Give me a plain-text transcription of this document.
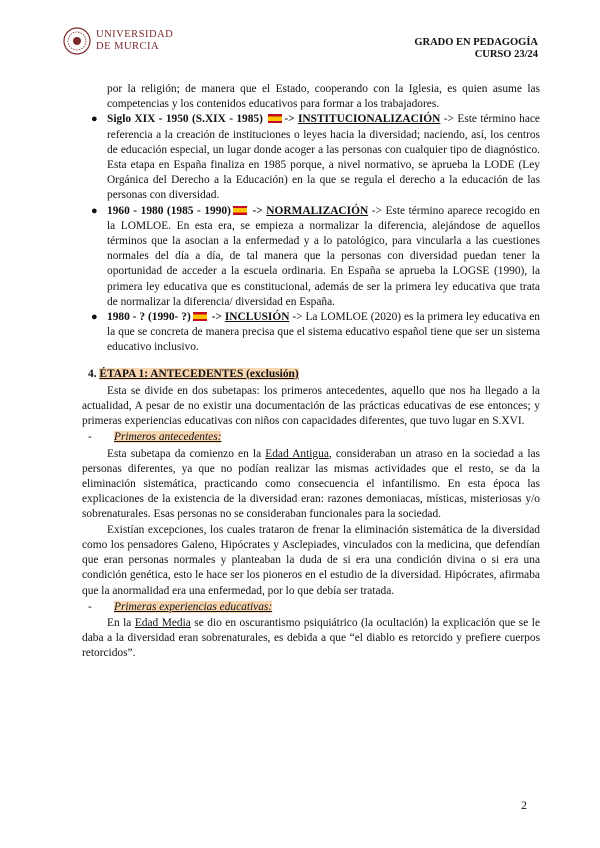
UNIVERSIDAD
DE MURCIA	GRADO EN PEDAGOGÍA
CURSO 23/24

por la religión; de manera que el Estado, cooperando con la Iglesia, es quien asume las competencias y los contenidos educativos para formar a los trabajadores.

● Siglo XIX - 1950 (S.XIX - 1985) -> INSTITUCIONALIZACIÓN -> Este término hace referencia a la creación de instituciones o leyes hacia la diversidad; naciendo, así, los centros de educación especial, un lugar donde acoger a las personas con cualquier tipo de diagnóstico. Esta etapa en España finaliza en 1985 porque, a nivel normativo, se aprueba la LODE (Ley Orgánica del Derecho a la Educación) en la que se regula el derecho a la educación de las personas con diversidad.

● 1960 - 1980 (1985 - 1990) -> NORMALIZACIÓN -> Este término aparece recogido en la LOMLOE. En esta era, se empieza a normalizar la diferencia, alejándose de aquellos términos que la asocian a la enfermedad y a lo patológico, para vincularla a las cuestiones normales del día a día, de tal manera que la personas con diversidad puedan tener la oportunidad de acceder a la escuela ordinaria. En España se aprueba la LOGSE (1990), la primera ley educativa que es constitucional, además de ser la primera ley educativa que trata de normalizar la diferencia/ diversidad en España.

● 1980 - ? (1990- ?) -> INCLUSIÓN -> La LOMLOE (2020) es la primera ley educativa en la que se concreta de manera precisa que el sistema educativo español tiene que ser un sistema educativo inclusivo.

4. ÉTAPA 1: ANTECEDENTES (exclusión)

Esta se divide en dos subetapas: los primeros antecedentes, aquello que nos ha llegado a la actualidad, A pesar de no existir una documentación de las prácticas educativas de ese entonces; y primeras experiencias educativas con niños con capacidades diferentes, que tuvo lugar en S.XVI.

- Primeros antecedentes:

Esta subetapa da comienzo en la Edad Antigua, consideraban un atraso en la sociedad a las personas diferentes, ya que no podían realizar las mismas actividades que el resto, se da la eliminación sistemática, practicando como consecuencia el infantilismo. En esta época las explicaciones de la existencia de la diversidad eran: razones demoniacas, místicas, misteriosas y/o sobrenaturales. Esas personas no se consideraban funcionales para la sociedad.

Existían excepciones, los cuales trataron de frenar la eliminación sistemática de la diversidad como los pensadores Galeno, Hipócrates y Asclepiades, vinculados con la medicina, que defendían que eran personas normales y planteaban la duda de si era una condición divina o si era una condición genética, esto le hace ser los pioneros en el estudio de la diversidad. Hipócrates, afirmaba que la anormalidad era una enfermedad, por lo que debía ser tratada.

- Primeras experiencias educativas:

En la Edad Media se dio en oscurantismo psiquiátrico (la ocultación) la explicación que se le daba a la diversidad eran sobrenaturales, es debida a que “el diablo es retorcido y prefiere cuerpos retorcidos”.

2
